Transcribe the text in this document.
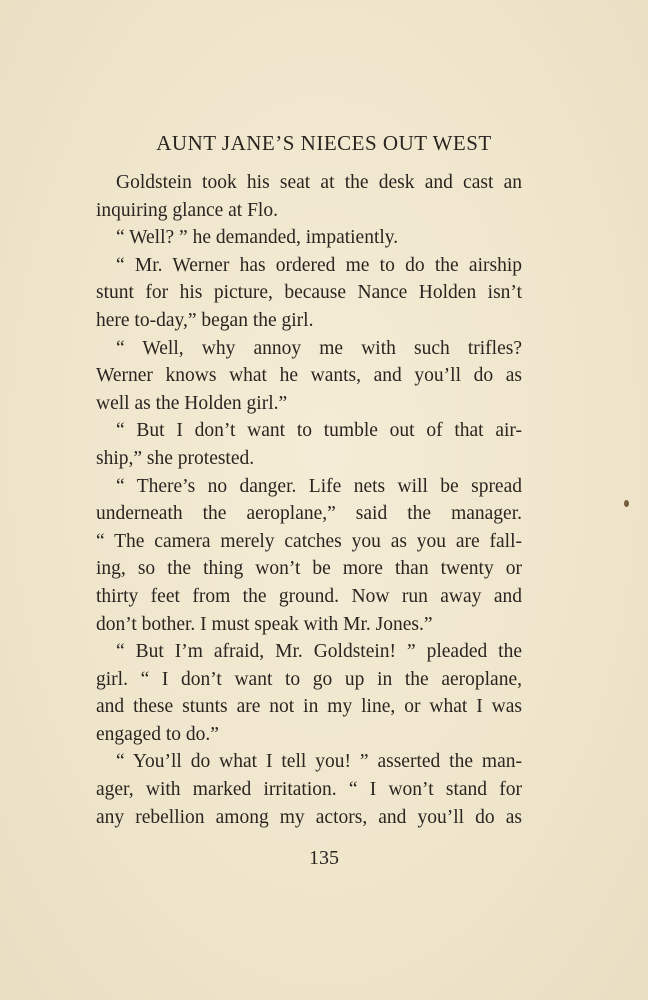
AUNT JANE’S NIECES OUT WEST
Goldstein took his seat at the desk and cast an
inquiring glance at Flo.
“ Well? ” he demanded, impatiently.
“ Mr. Werner has ordered me to do the airship
stunt for his picture, because Nance Holden isn’t
here to-day,” began the girl.
“ Well, why annoy me with such trifles?
Werner knows what he wants, and you’ll do as
well as the Holden girl.”
“ But I don’t want to tumble out of that air-
ship,” she protested.
“ There’s no danger. Life nets will be spread
underneath the aeroplane,” said the manager.
“ The camera merely catches you as you are fall-
ing, so the thing won’t be more than twenty or
thirty feet from the ground. Now run away and
don’t bother. I must speak with Mr. Jones.”
“ But I’m afraid, Mr. Goldstein! ” pleaded the
girl. “ I don’t want to go up in the aeroplane,
and these stunts are not in my line, or what I was
engaged to do.”
“ You’ll do what I tell you! ” asserted the man-
ager, with marked irritation. “ I won’t stand for
any rebellion among my actors, and you’ll do as
135
